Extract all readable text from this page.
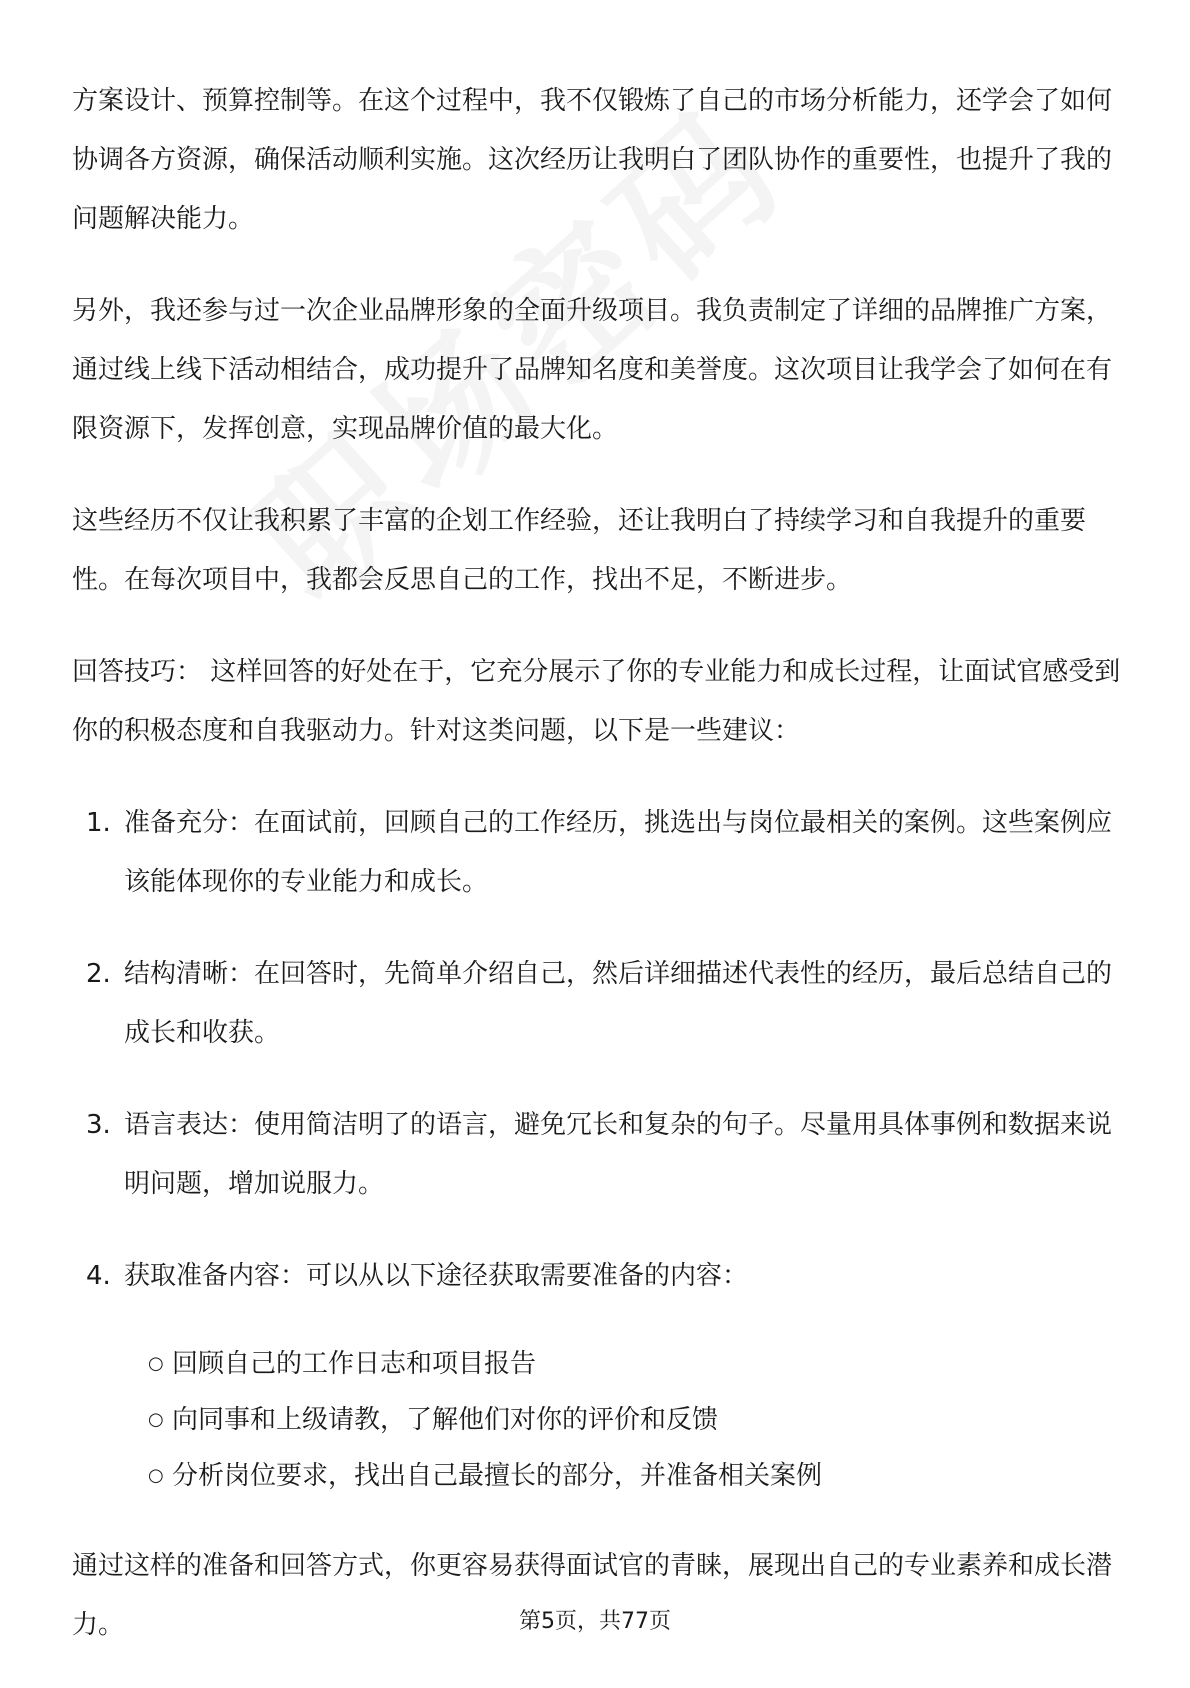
方案设计、预算控制等。在这个过程中，我不仅锻炼了自己的市场分析能力，还学会了如何协调各方资源，确保活动顺利实施。这次经历让我明白了团队协作的重要性，也提升了我的问题解决能力。

另外，我还参与过一次企业品牌形象的全面升级项目。我负责制定了详细的品牌推广方案，通过线上线下活动相结合，成功提升了品牌知名度和美誉度。这次项目让我学会了如何在有限资源下，发挥创意，实现品牌价值的最大化。

这些经历不仅让我积累了丰富的企划工作经验，还让我明白了持续学习和自我提升的重要性。在每次项目中，我都会反思自己的工作，找出不足，不断进步。

回答技巧： 这样回答的好处在于，它充分展示了你的专业能力和成长过程，让面试官感受到你的积极态度和自我驱动力。针对这类问题，以下是一些建议：

1. 准备充分：在面试前，回顾自己的工作经历，挑选出与岗位最相关的案例。这些案例应该能体现你的专业能力和成长。
2. 结构清晰：在回答时，先简单介绍自己，然后详细描述代表性的经历，最后总结自己的成长和收获。
3. 语言表达：使用简洁明了的语言，避免冗长和复杂的句子。尽量用具体事例和数据来说明问题，增加说服力。
4. 获取准备内容：可以从以下途径获取需要准备的内容：
○ 回顾自己的工作日志和项目报告
○ 向同事和上级请教，了解他们对你的评价和反馈
○ 分析岗位要求，找出自己最擅长的部分，并准备相关案例

通过这样的准备和回答方式，你更容易获得面试官的青睐，展现出自己的专业素养和成长潜力。	第5页，共77页
